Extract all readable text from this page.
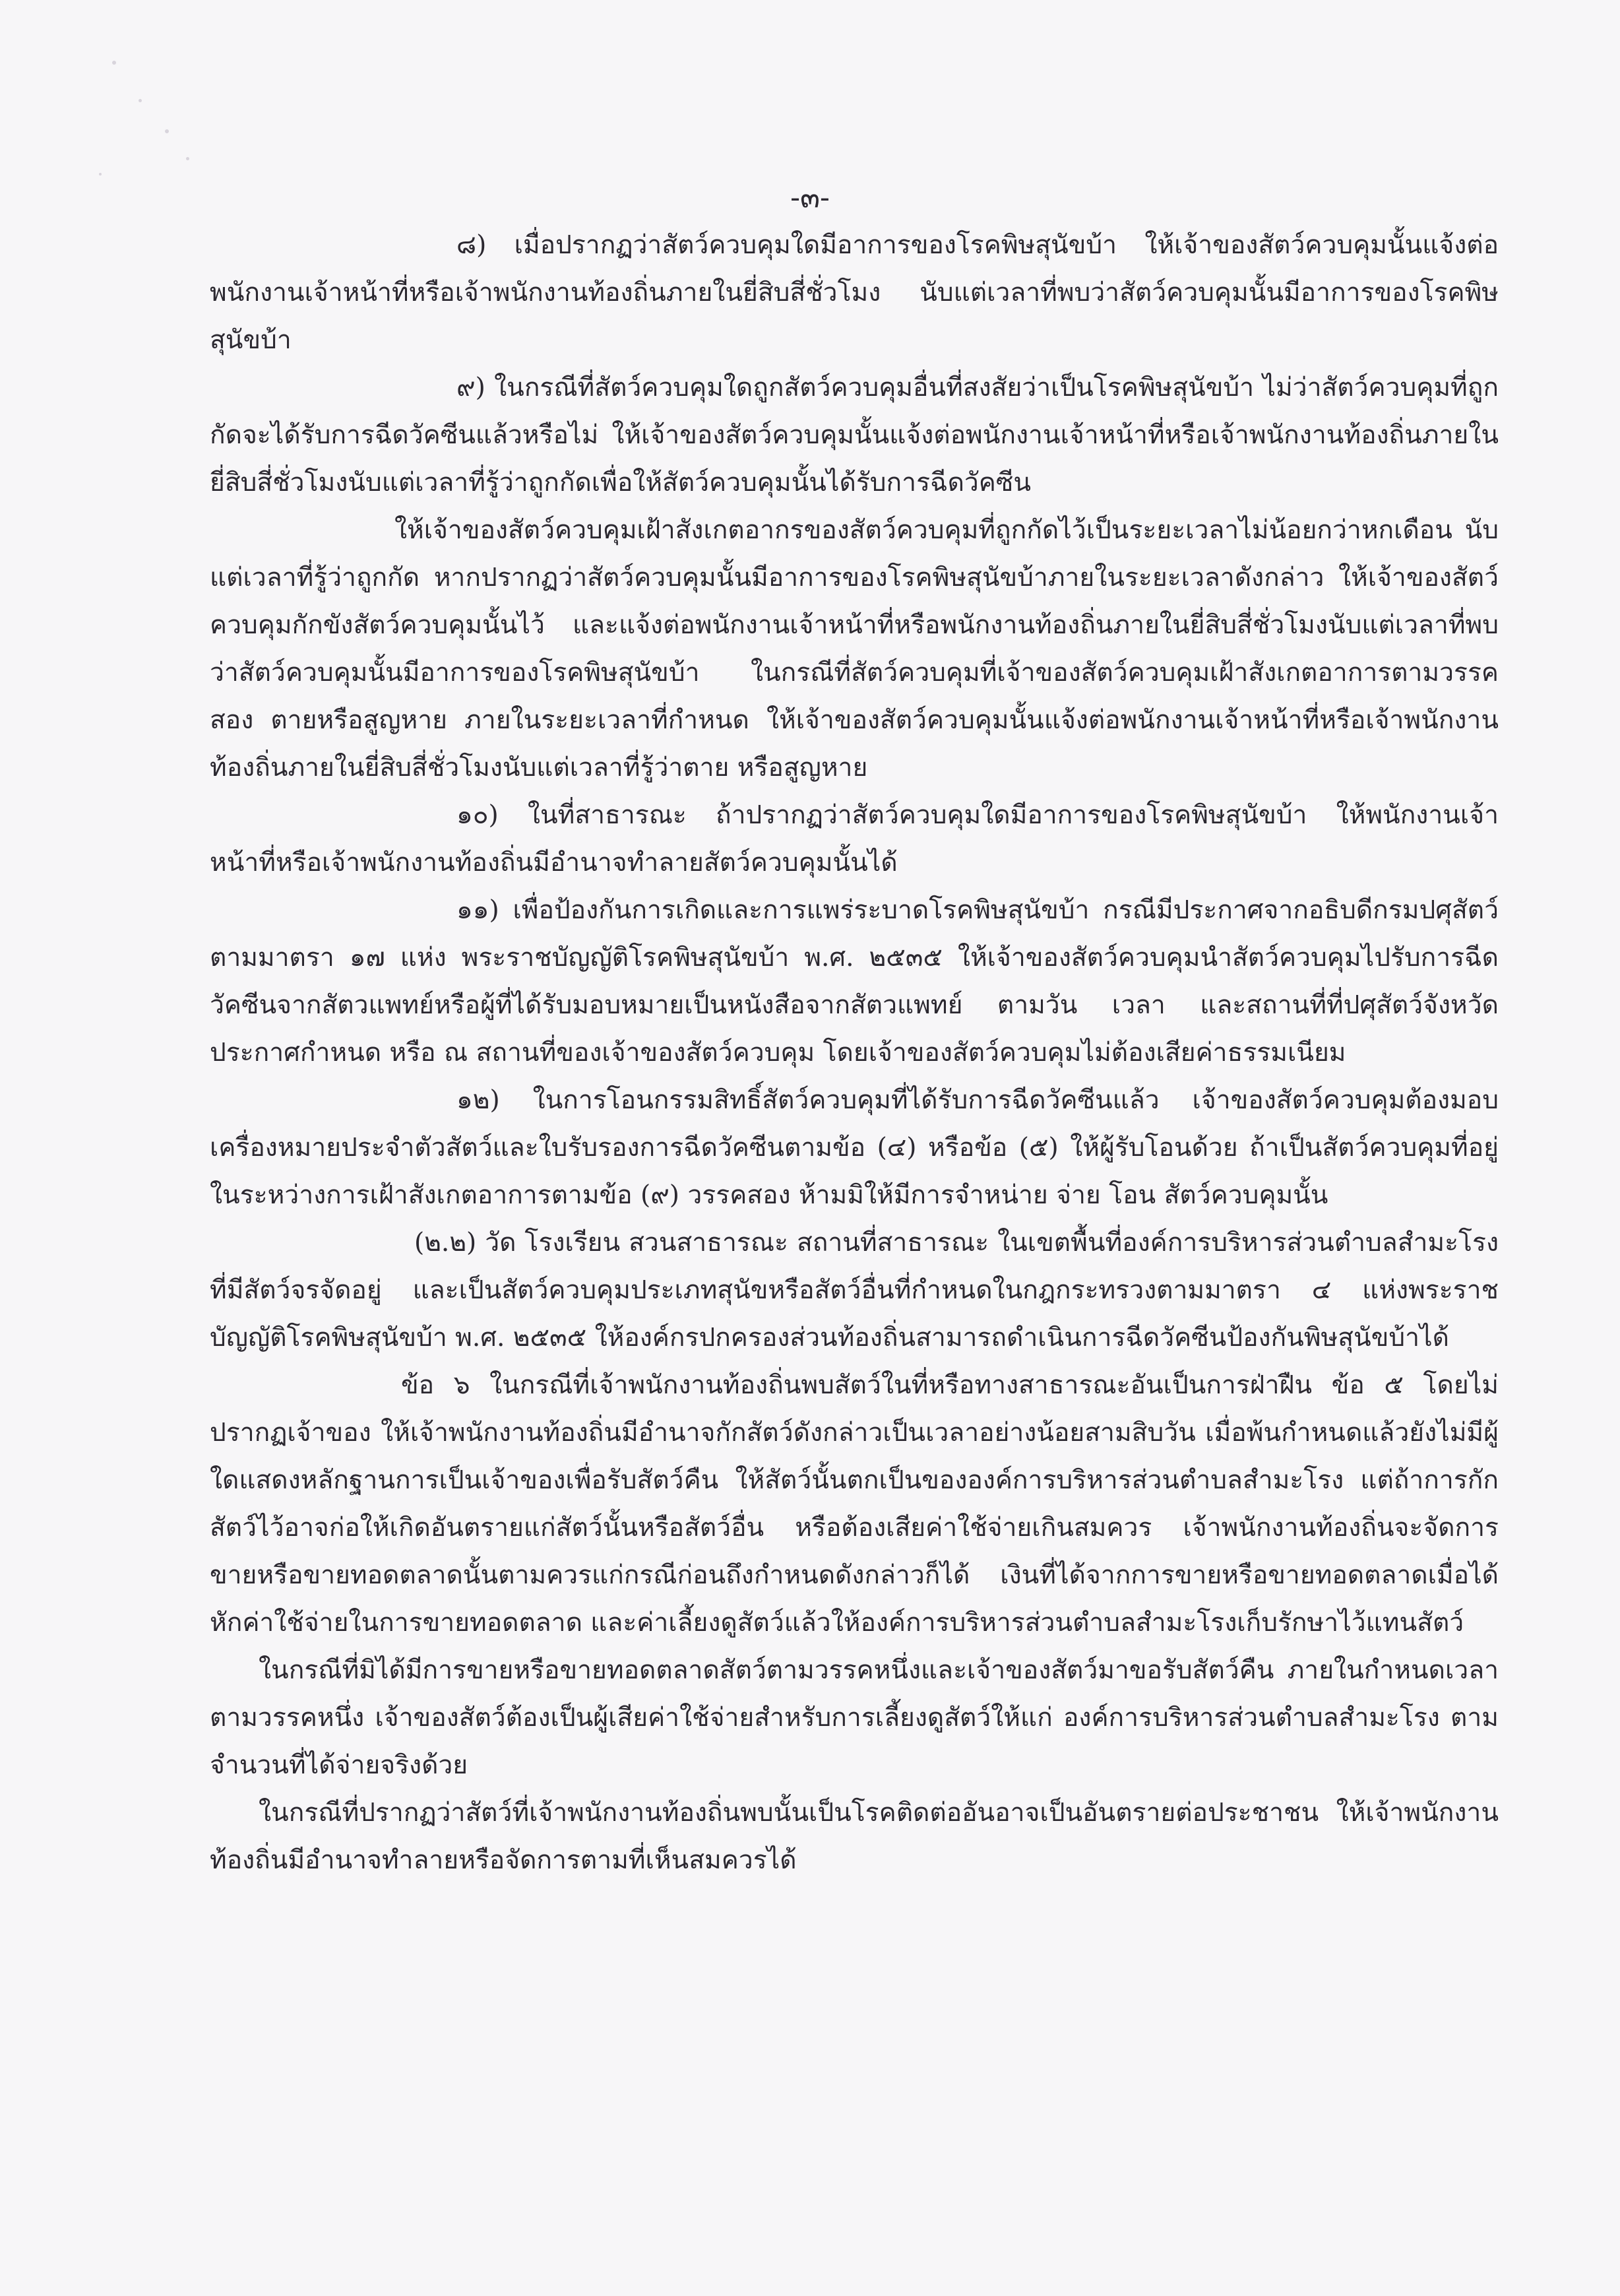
-๓-

๘) เมื่อปรากฏว่าสัตว์ควบคุมใดมีอาการของโรคพิษสุนัขบ้า ให้เจ้าของสัตว์ควบคุมนั้นแจ้งต่อพนักงานเจ้าหน้าที่หรือเจ้าพนักงานท้องถิ่นภายในยี่สิบสี่ชั่วโมง นับแต่เวลาที่พบว่าสัตว์ควบคุมนั้นมีอาการของโรคพิษสุนัขบ้า

๙) ในกรณีที่สัตว์ควบคุมใดถูกสัตว์ควบคุมอื่นที่สงสัยว่าเป็นโรคพิษสุนัขบ้า ไม่ว่าสัตว์ควบคุมที่ถูกกัดจะได้รับการฉีดวัคซีนแล้วหรือไม่ ให้เจ้าของสัตว์ควบคุมนั้นแจ้งต่อพนักงานเจ้าหน้าที่หรือเจ้าพนักงานท้องถิ่นภายในยี่สิบสี่ชั่วโมงนับแต่เวลาที่รู้ว่าถูกกัดเพื่อให้สัตว์ควบคุมนั้นได้รับการฉีดวัคซีน

ให้เจ้าของสัตว์ควบคุมเฝ้าสังเกตอากรของสัตว์ควบคุมที่ถูกกัดไว้เป็นระยะเวลาไม่น้อยกว่าหกเดือน นับแต่เวลาที่รู้ว่าถูกกัด หากปรากฏว่าสัตว์ควบคุมนั้นมีอาการของโรคพิษสุนัขบ้าภายในระยะเวลาดังกล่าว ให้เจ้าของสัตว์ควบคุมกักขังสัตว์ควบคุมนั้นไว้ และแจ้งต่อพนักงานเจ้าหน้าที่หรือพนักงานท้องถิ่นภายในยี่สิบสี่ชั่วโมงนับแต่เวลาที่พบว่าสัตว์ควบคุมนั้นมีอาการของโรคพิษสุนัขบ้า ในกรณีที่สัตว์ควบคุมที่เจ้าของสัตว์ควบคุมเฝ้าสังเกตอาการตามวรรคสอง ตายหรือสูญหาย ภายในระยะเวลาที่กำหนด ให้เจ้าของสัตว์ควบคุมนั้นแจ้งต่อพนักงานเจ้าหน้าที่หรือเจ้าพนักงานท้องถิ่นภายในยี่สิบสี่ชั่วโมงนับแต่เวลาที่รู้ว่าตาย หรือสูญหาย

๑๐) ในที่สาธารณะ ถ้าปรากฏว่าสัตว์ควบคุมใดมีอาการของโรคพิษสุนัขบ้า ให้พนักงานเจ้าหน้าที่หรือเจ้าพนักงานท้องถิ่นมีอำนาจทำลายสัตว์ควบคุมนั้นได้

๑๑) เพื่อป้องกันการเกิดและการแพร่ระบาดโรคพิษสุนัขบ้า กรณีมีประกาศจากอธิบดีกรมปศุสัตว์ตามมาตรา ๑๗ แห่ง พระราชบัญญัติโรคพิษสุนัขบ้า พ.ศ. ๒๕๓๕ ให้เจ้าของสัตว์ควบคุมนำสัตว์ควบคุมไปรับการฉีดวัคซีนจากสัตวแพทย์หรือผู้ที่ได้รับมอบหมายเป็นหนังสือจากสัตวแพทย์ ตามวัน เวลา และสถานที่ที่ปศุสัตว์จังหวัดประกาศกำหนด หรือ ณ สถานที่ของเจ้าของสัตว์ควบคุม โดยเจ้าของสัตว์ควบคุมไม่ต้องเสียค่าธรรมเนียม

๑๒) ในการโอนกรรมสิทธิ์สัตว์ควบคุมที่ได้รับการฉีดวัคซีนแล้ว เจ้าของสัตว์ควบคุมต้องมอบเครื่องหมายประจำตัวสัตว์และใบรับรองการฉีดวัคซีนตามข้อ (๔) หรือข้อ (๕) ให้ผู้รับโอนด้วย ถ้าเป็นสัตว์ควบคุมที่อยู่ในระหว่างการเฝ้าสังเกตอาการตามข้อ (๙) วรรคสอง ห้ามมิให้มีการจำหน่าย จ่าย โอน สัตว์ควบคุมนั้น

(๒.๒) วัด โรงเรียน สวนสาธารณะ สถานที่สาธารณะ ในเขตพื้นที่องค์การบริหารส่วนตำบลสำมะโรง ที่มีสัตว์จรจัดอยู่ และเป็นสัตว์ควบคุมประเภทสุนัขหรือสัตว์อื่นที่กำหนดในกฎกระทรวงตามมาตรา ๔ แห่งพระราชบัญญัติโรคพิษสุนัขบ้า พ.ศ. ๒๕๓๕ ให้องค์กรปกครองส่วนท้องถิ่นสามารถดำเนินการฉีดวัคซีนป้องกันพิษสุนัขบ้าได้

ข้อ ๖ ในกรณีที่เจ้าพนักงานท้องถิ่นพบสัตว์ในที่หรือทางสาธารณะอันเป็นการฝ่าฝืน ข้อ ๕ โดยไม่ปรากฏเจ้าของ ให้เจ้าพนักงานท้องถิ่นมีอำนาจกักสัตว์ดังกล่าวเป็นเวลาอย่างน้อยสามสิบวัน เมื่อพ้นกำหนดแล้วยังไม่มีผู้ใดแสดงหลักฐานการเป็นเจ้าของเพื่อรับสัตว์คืน ให้สัตว์นั้นตกเป็นขององค์การบริหารส่วนตำบลสำมะโรง แต่ถ้าการกักสัตว์ไว้อาจก่อให้เกิดอันตรายแก่สัตว์นั้นหรือสัตว์อื่น หรือต้องเสียค่าใช้จ่ายเกินสมควร เจ้าพนักงานท้องถิ่นจะจัดการขายหรือขายทอดตลาดนั้นตามควรแก่กรณีก่อนถึงกำหนดดังกล่าวก็ได้ เงินที่ได้จากการขายหรือขายทอดตลาดเมื่อได้หักค่าใช้จ่ายในการขายทอดตลาด และค่าเลี้ยงดูสัตว์แล้วให้องค์การบริหารส่วนตำบลสำมะโรงเก็บรักษาไว้แทนสัตว์

ในกรณีที่มิได้มีการขายหรือขายทอดตลาดสัตว์ตามวรรคหนึ่งและเจ้าของสัตว์มาขอรับสัตว์คืน ภายในกำหนดเวลาตามวรรคหนึ่ง เจ้าของสัตว์ต้องเป็นผู้เสียค่าใช้จ่ายสำหรับการเลี้ยงดูสัตว์ให้แก่ องค์การบริหารส่วนตำบลสำมะโรง ตามจำนวนที่ได้จ่ายจริงด้วย

ในกรณีที่ปรากฏว่าสัตว์ที่เจ้าพนักงานท้องถิ่นพบนั้นเป็นโรคติดต่ออันอาจเป็นอันตรายต่อประชาชน ให้เจ้าพนักงานท้องถิ่นมีอำนาจทำลายหรือจัดการตามที่เห็นสมควรได้
